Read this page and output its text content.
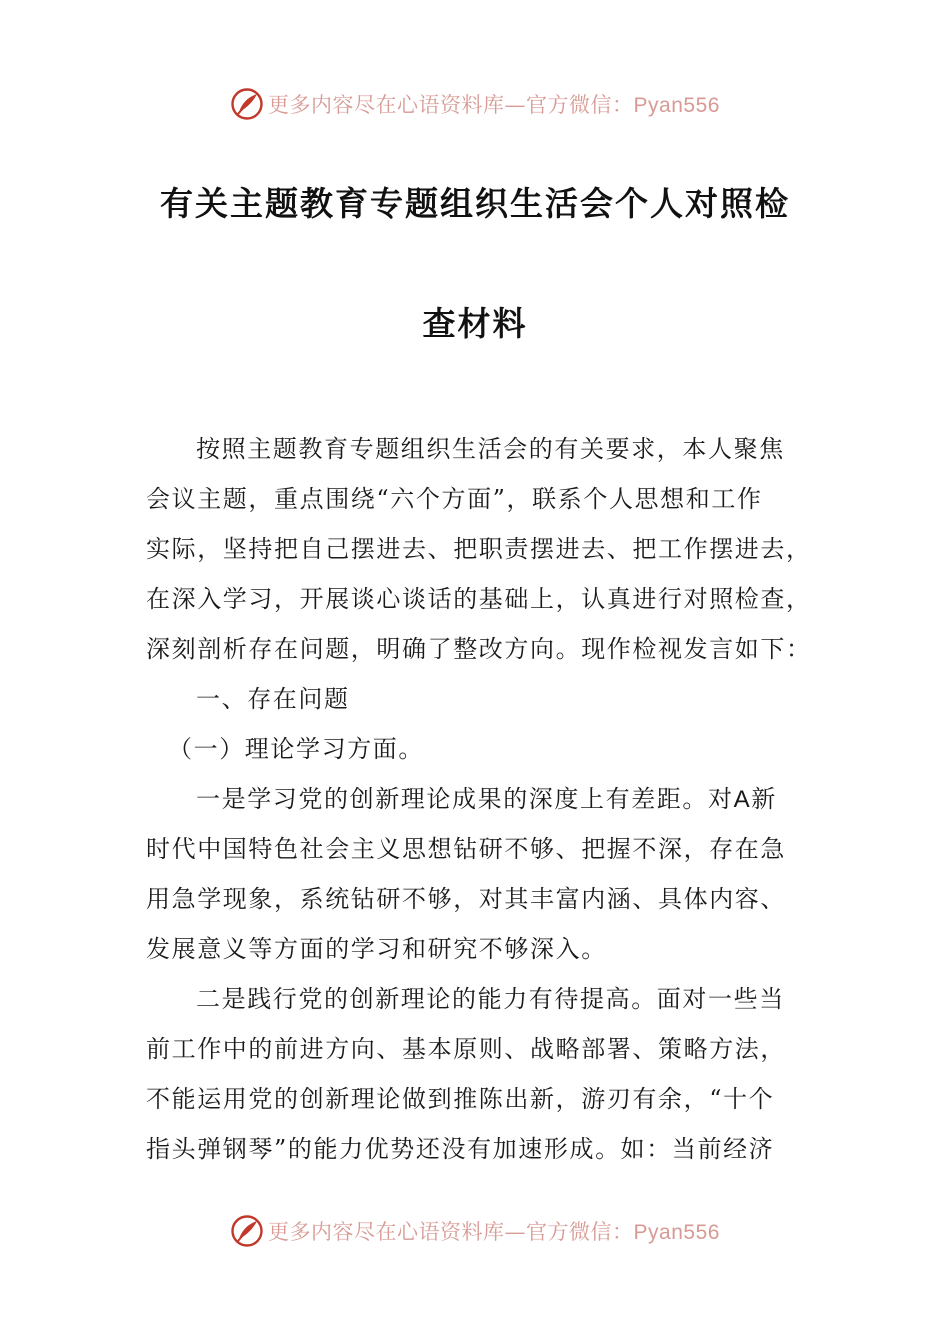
更多内容尽在心语资料库—官方微信：Pyan556
有关主题教育专题组织生活会个人对照检
查材料
按照主题教育专题组织生活会的有关要求，本人聚焦
会议主题，重点围绕“六个方面”，联系个人思想和工作
实际，坚持把自己摆进去、把职责摆进去、把工作摆进去，
在深入学习，开展谈心谈话的基础上，认真进行对照检查，
深刻剖析存在问题，明确了整改方向。现作检视发言如下：
一、存在问题
（一）理论学习方面。
一是学习党的创新理论成果的深度上有差距。对A新
时代中国特色社会主义思想钻研不够、把握不深，存在急
用急学现象，系统钻研不够，对其丰富内涵、具体内容、
发展意义等方面的学习和研究不够深入。
二是践行党的创新理论的能力有待提高。面对一些当
前工作中的前进方向、基本原则、战略部署、策略方法，
不能运用党的创新理论做到推陈出新，游刃有余，“十个
指头弹钢琴”的能力优势还没有加速形成。如：当前经济
更多内容尽在心语资料库—官方微信：Pyan556
